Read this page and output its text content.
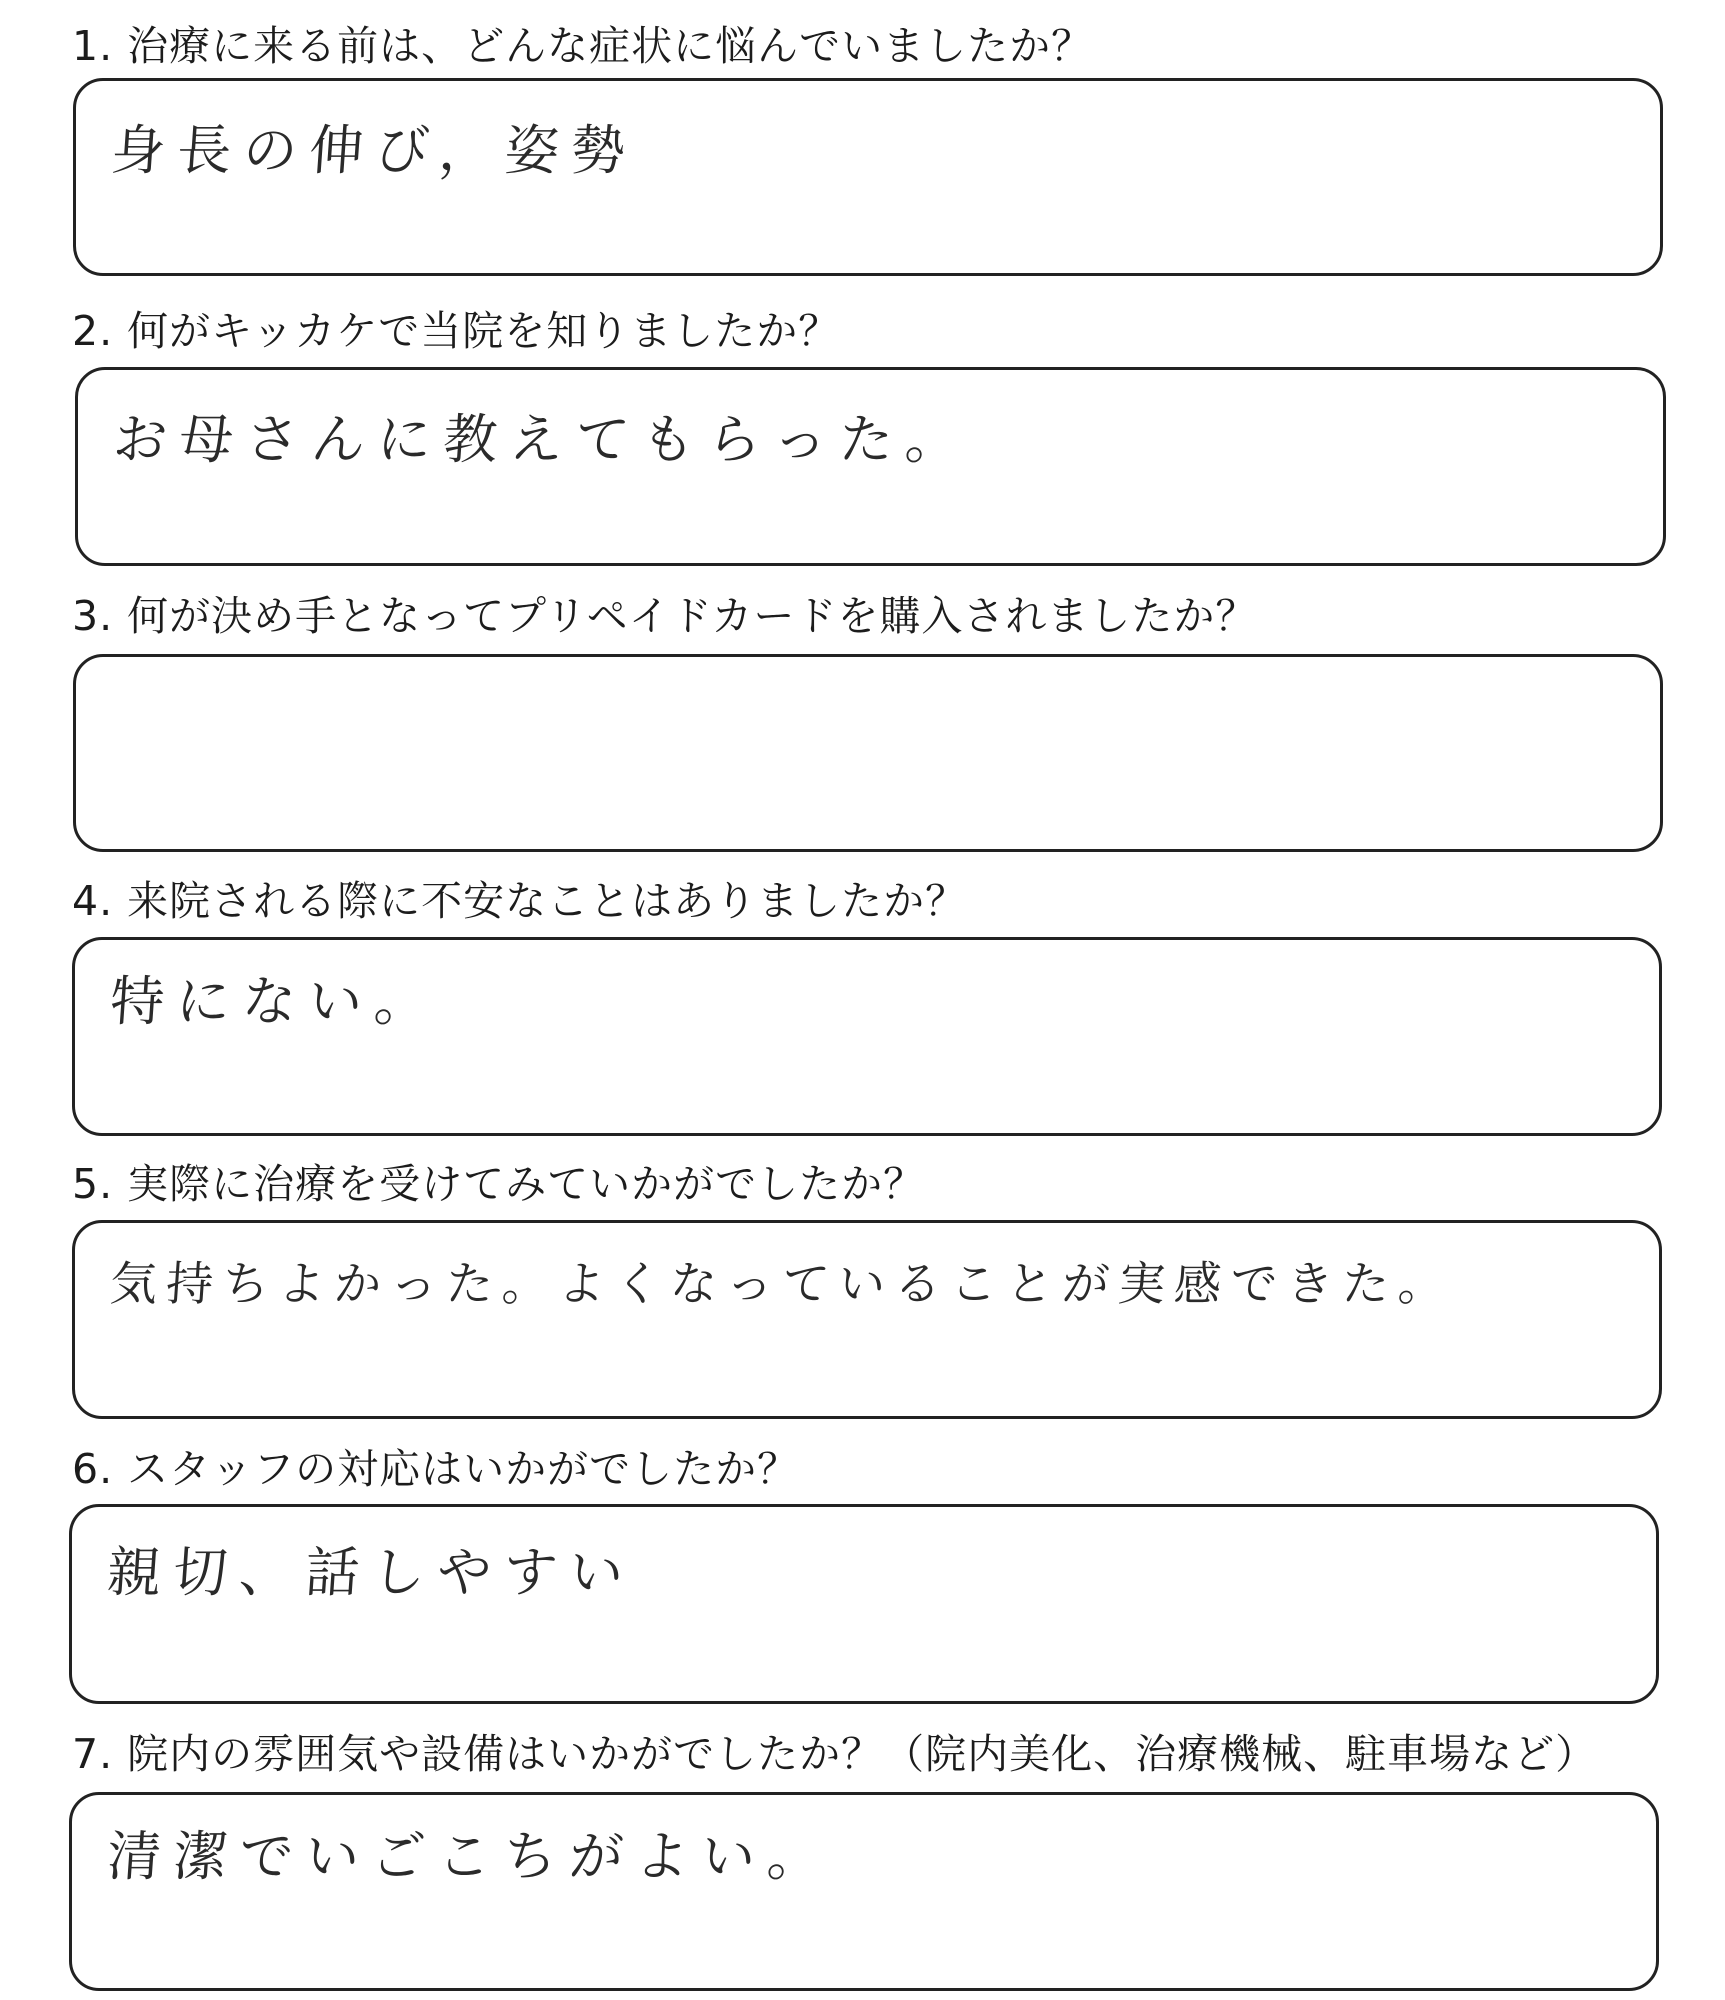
1. 治療に来る前は、どんな症状に悩んでいましたか？
身長の伸び，姿勢
2. 何がキッカケで当院を知りましたか？
お母さんに教えてもらった。
3. 何が決め手となってプリペイドカードを購入されましたか？
4. 来院される際に不安なことはありましたか？
特にない。
5. 実際に治療を受けてみていかがでしたか？
気持ちよかった。よくなっていることが実感できた。
6. スタッフの対応はいかがでしたか？
親切、話しやすい
7. 院内の雰囲気や設備はいかがでしたか？（院内美化、治療機械、駐車場など）
清潔でいごこちがよい。
